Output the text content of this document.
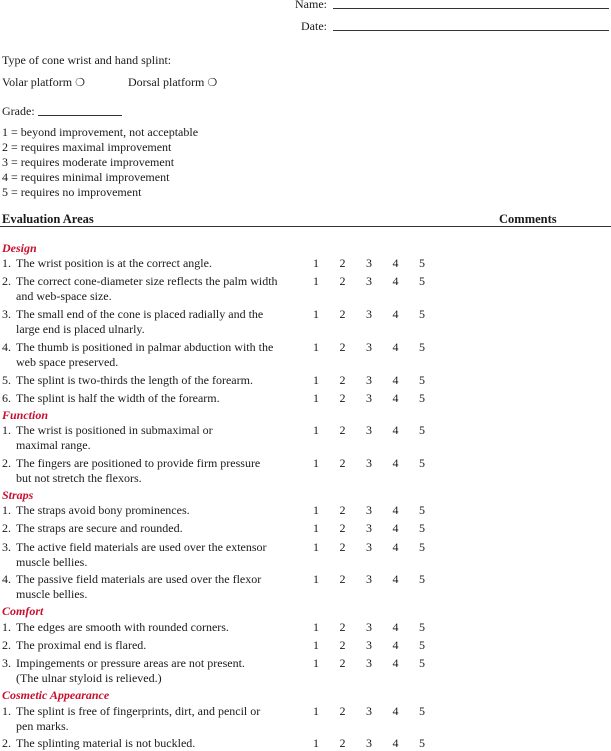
Name:
Date:
Type of cone wrist and hand splint:
Volar platform ❍	Dorsal platform ❍
Grade:
1 = beyond improvement, not acceptable
2 = requires maximal improvement
3 = requires moderate improvement
4 = requires minimal improvement
5 = requires no improvement
Evaluation Areas	Comments
Design
1. The wrist position is at the correct angle.	1 2 3 4 5
2. The correct cone-diameter size reflects the palm width
and web-space size.
1 2 3 4 5
3. The small end of the cone is placed radially and the
large end is placed ulnarly.
1 2 3 4 5
4. The thumb is positioned in palmar abduction with the
web space preserved.
1 2 3 4 5
5. The splint is two-thirds the length of the forearm.	1 2 3 4 5
6. The splint is half the width of the forearm.	1 2 3 4 5
Function
1. The wrist is positioned in submaximal or
maximal range.
1 2 3 4 5
2. The fingers are positioned to provide firm pressure
but not stretch the flexors.
1 2 3 4 5
Straps
1. The straps avoid bony prominences.	1 2 3 4 5
2. The straps are secure and rounded.	1 2 3 4 5
3. The active field materials are used over the extensor
muscle bellies.
1 2 3 4 5
4. The passive field materials are used over the flexor
muscle bellies.
1 2 3 4 5
Comfort
1. The edges are smooth with rounded corners.	1 2 3 4 5
2. The proximal end is flared.	1 2 3 4 5
3. Impingements or pressure areas are not present.
(The ulnar styloid is relieved.)
1 2 3 4 5
Cosmetic Appearance
1. The splint is free of fingerprints, dirt, and pencil or
pen marks.
1 2 3 4 5
2. The splinting material is not buckled.	1 2 3 4 5
